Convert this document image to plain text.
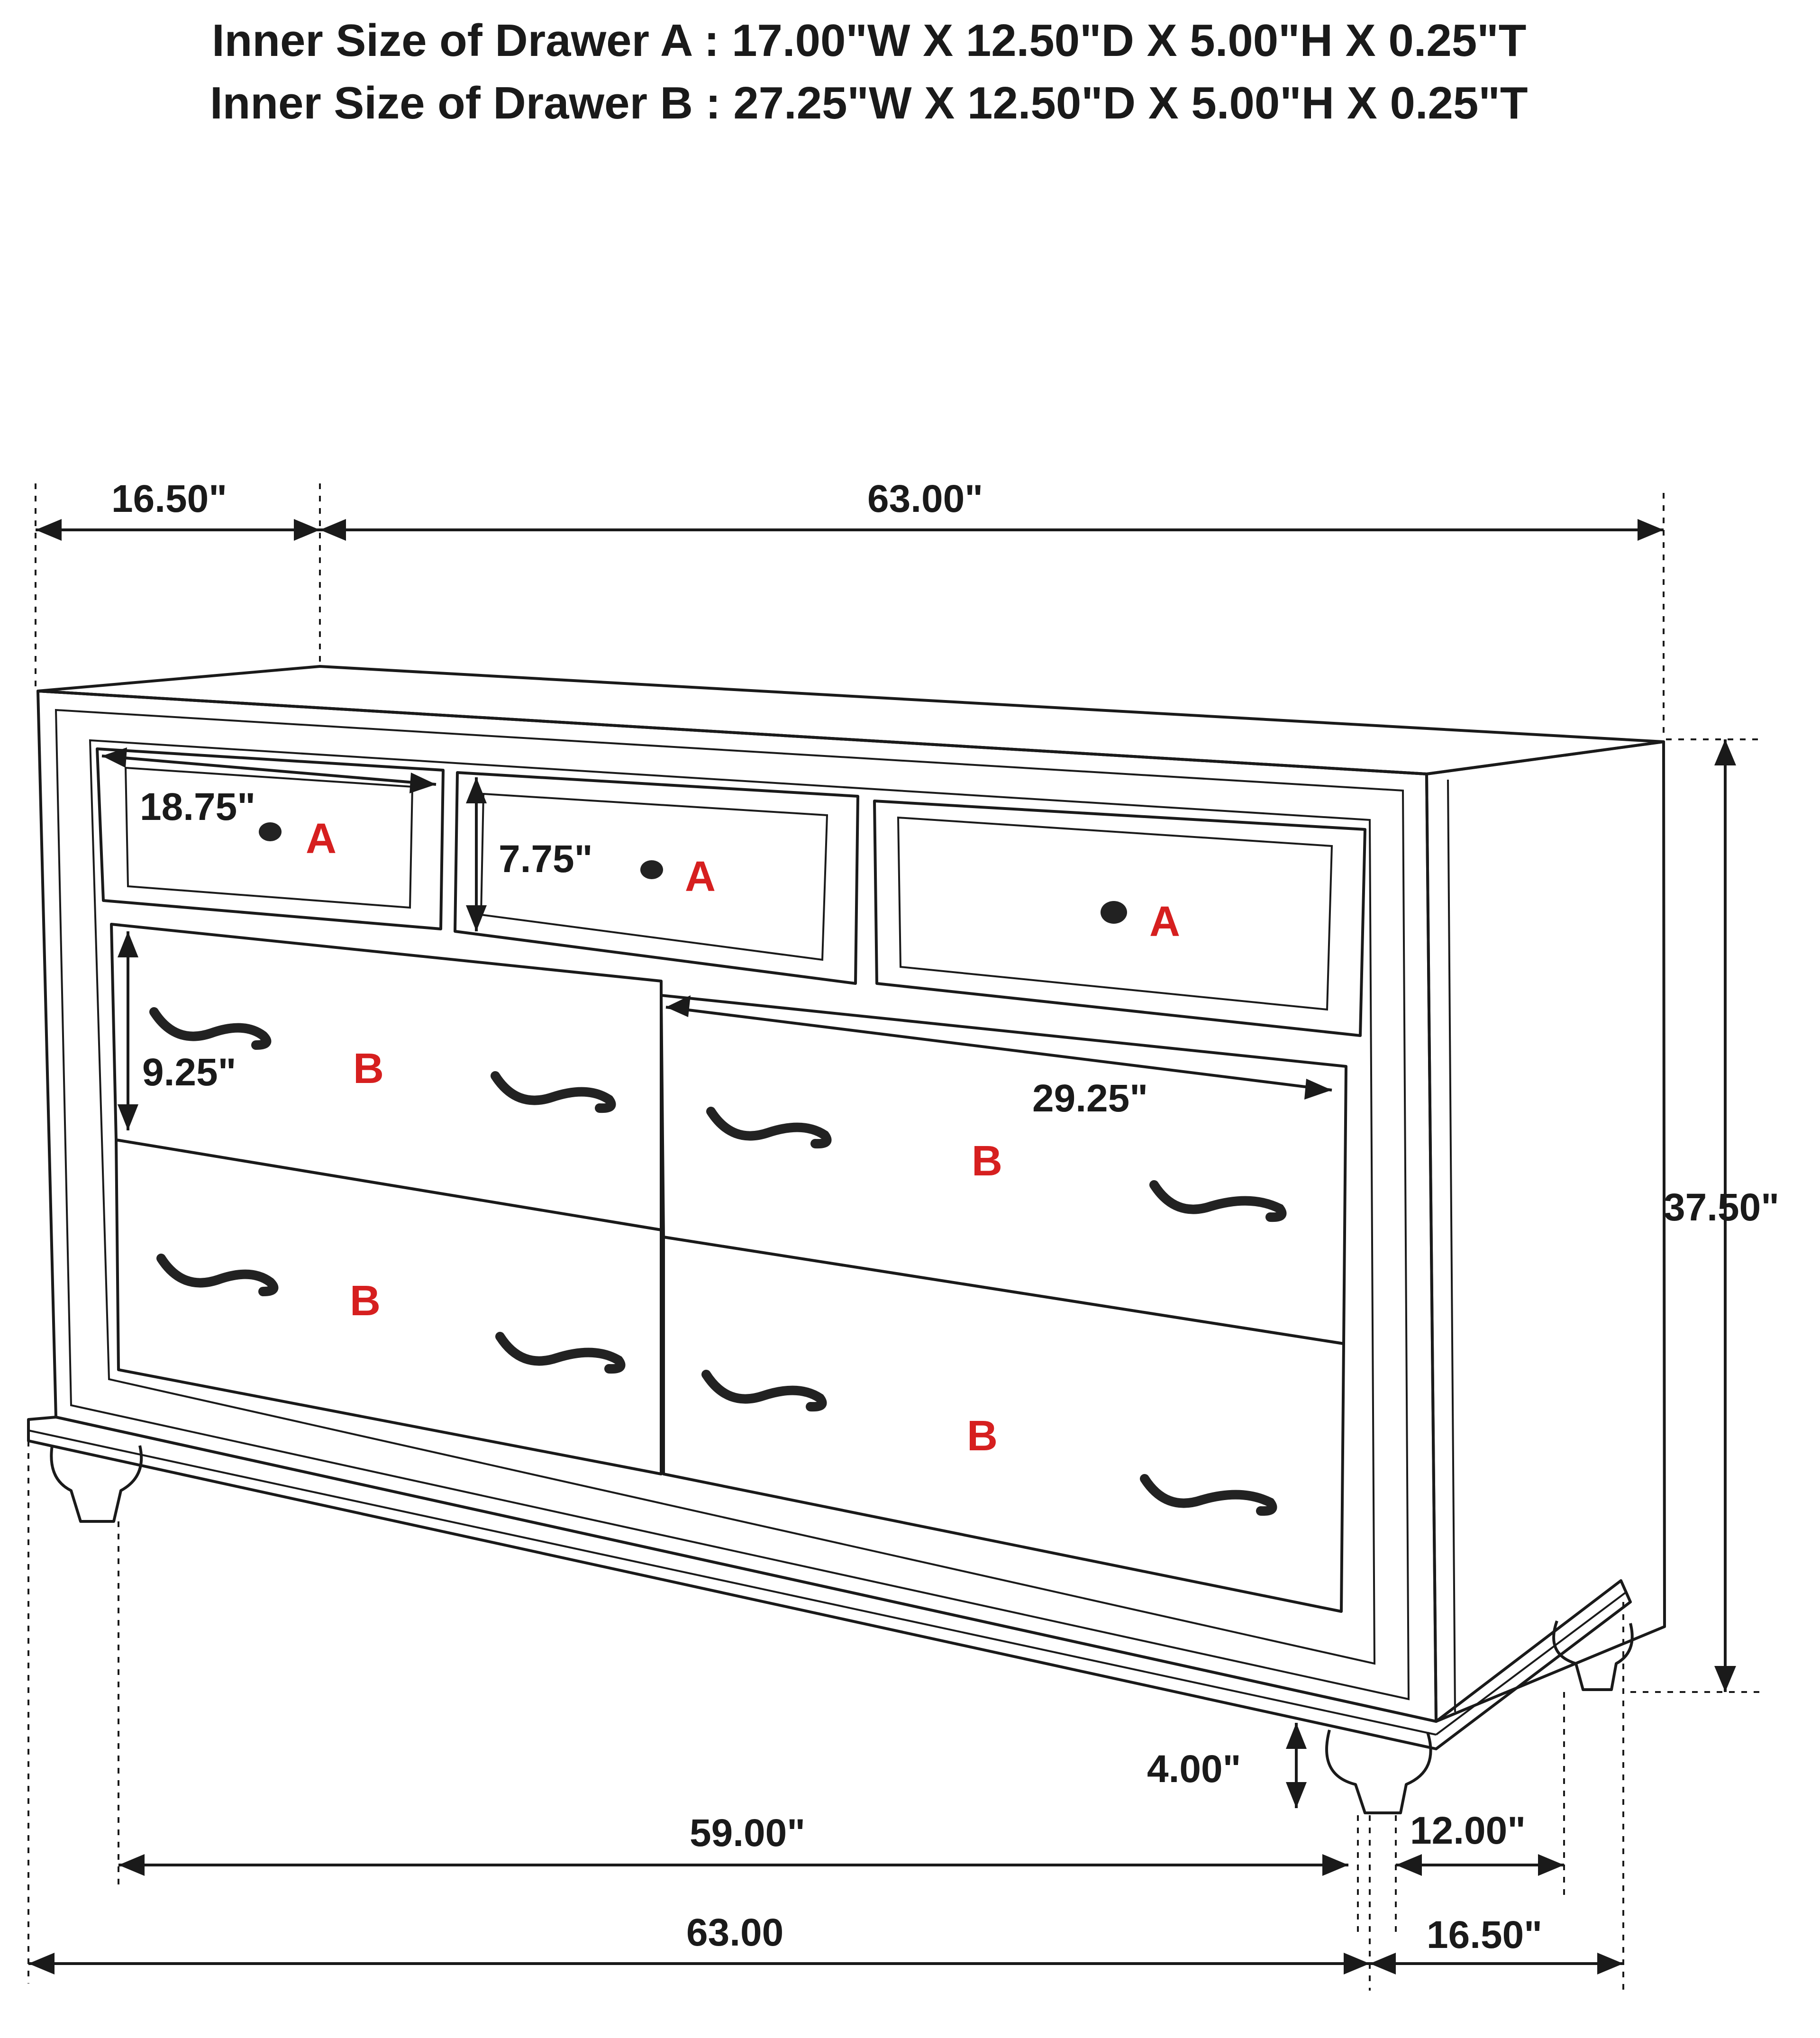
Inner Size of Drawer A : 17.00"W X 12.50"D X 5.00"H X 0.25"T
Inner Size of Drawer B : 27.25"W X 12.50"D X 5.00"H X 0.25"T
A
A
A
B
B
B
B
16.50"	63.00"
18.75"
7.75"
9.25"
29.25"
37.50"
4.00"
59.00"	12.00"
63.00	16.50"
